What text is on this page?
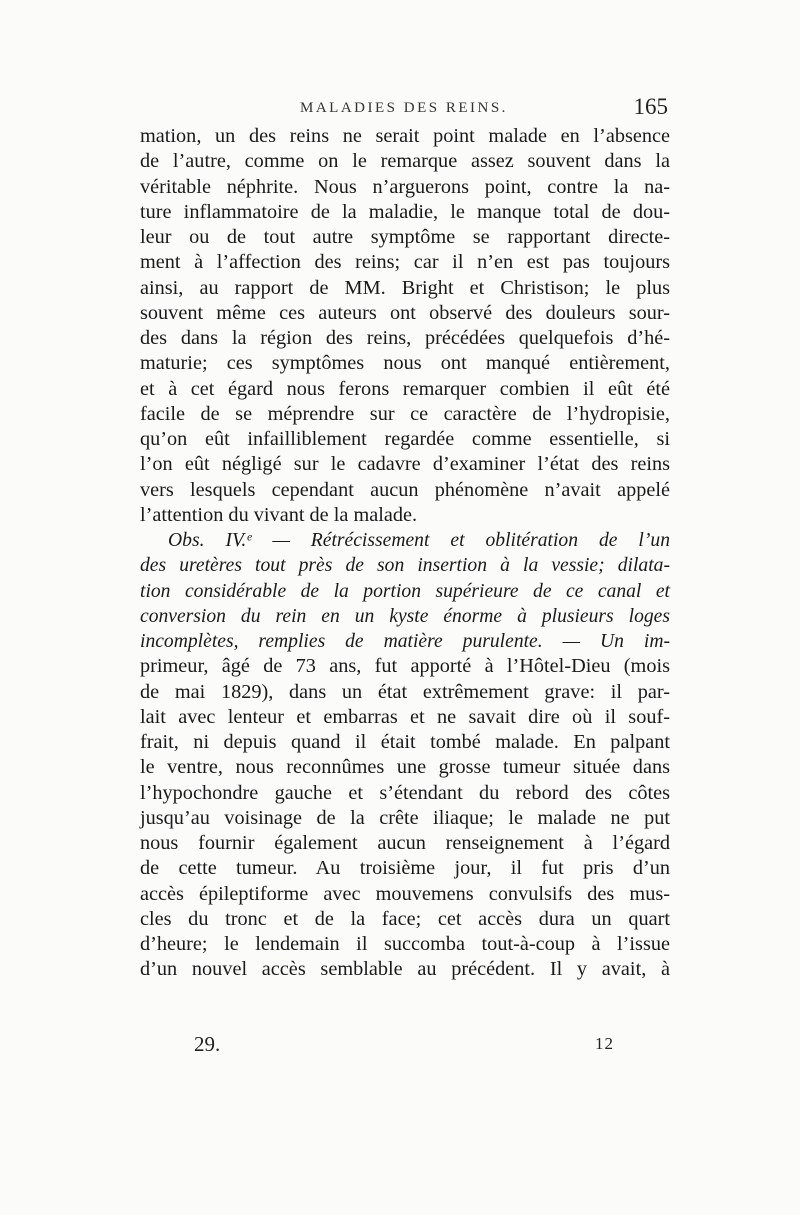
MALADIES DES REINS.	165
mation, un des reins ne serait point malade en l’absence
de l’autre, comme on le remarque assez souvent dans la
véritable néphrite. Nous n’arguerons point, contre la na-
ture inflammatoire de la maladie, le manque total de dou-
leur ou de tout autre symptôme se rapportant directe-
ment à l’affection des reins; car il n’en est pas toujours
ainsi, au rapport de MM. Bright et Christison; le plus
souvent même ces auteurs ont observé des douleurs sour-
des dans la région des reins, précédées quelquefois d’hé-
maturie; ces symptômes nous ont manqué entièrement,
et à cet égard nous ferons remarquer combien il eût été
facile de se méprendre sur ce caractère de l’hydropisie,
qu’on eût infailliblement regardée comme essentielle, si
l’on eût négligé sur le cadavre d’examiner l’état des reins
vers lesquels cependant aucun phénomène n’avait appelé
l’attention du vivant de la malade.
Obs. IV.ᵉ — Rétrécissement et oblitération de l’un
des uretères tout près de son insertion à la vessie; dilata-
tion considérable de la portion supérieure de ce canal et
conversion du rein en un kyste énorme à plusieurs loges
incomplètes, remplies de matière purulente. — Un im-
primeur, âgé de 73 ans, fut apporté à l’Hôtel-Dieu (mois
de mai 1829), dans un état extrêmement grave: il par-
lait avec lenteur et embarras et ne savait dire où il souf-
frait, ni depuis quand il était tombé malade. En palpant
le ventre, nous reconnûmes une grosse tumeur située dans
l’hypochondre gauche et s’étendant du rebord des côtes
jusqu’au voisinage de la crête iliaque; le malade ne put
nous fournir également aucun renseignement à l’égard
de cette tumeur. Au troisième jour, il fut pris d’un
accès épileptiforme avec mouvemens convulsifs des mus-
cles du tronc et de la face; cet accès dura un quart
d’heure; le lendemain il succomba tout-à-coup à l’issue
d’un nouvel accès semblable au précédent. Il y avait, à
29.	12
